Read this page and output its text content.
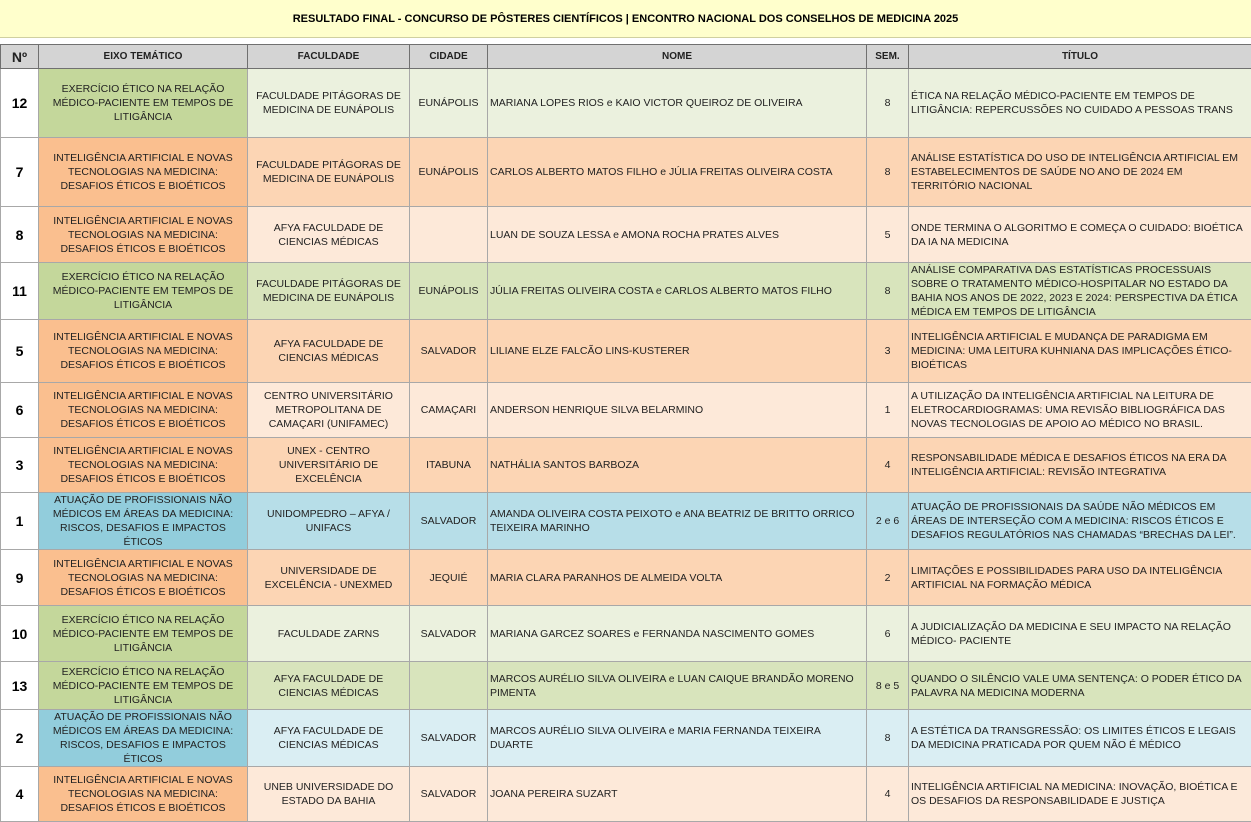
RESULTADO FINAL - CONCURSO DE PÔSTERES CIENTÍFICOS | ENCONTRO NACIONAL DOS CONSELHOS DE MEDICINA 2025
Nº	EIXO TEMÁTICO	FACULDADE	CIDADE	NOME	SEM.	TÍTULO
12	EXERCÍCIO ÉTICO NA RELAÇÃO MÉDICO-PACIENTE EM TEMPOS DE LITIGÂNCIA	FACULDADE PITÁGORAS DE MEDICINA DE EUNÁPOLIS	EUNÁPOLIS	MARIANA LOPES RIOS e KAIO VICTOR QUEIROZ DE OLIVEIRA	8	ÉTICA NA RELAÇÃO MÉDICO-PACIENTE EM TEMPOS DE LITIGÂNCIA: REPERCUSSÕES NO CUIDADO A PESSOAS TRANS
7	INTELIGÊNCIA ARTIFICIAL E NOVAS TECNOLOGIAS NA MEDICINA: DESAFIOS ÉTICOS E BIOÉTICOS	FACULDADE PITÁGORAS DE MEDICINA DE EUNÁPOLIS	EUNÁPOLIS	CARLOS ALBERTO MATOS FILHO e JÚLIA FREITAS OLIVEIRA COSTA	8	ANÁLISE ESTATÍSTICA DO USO DE INTELIGÊNCIA ARTIFICIAL EM ESTABELECIMENTOS DE SAÚDE NO ANO DE 2024 EM TERRITÓRIO NACIONAL
8	INTELIGÊNCIA ARTIFICIAL E NOVAS TECNOLOGIAS NA MEDICINA: DESAFIOS ÉTICOS E BIOÉTICOS	AFYA FACULDADE DE CIENCIAS MÉDICAS		LUAN DE SOUZA LESSA e AMONA ROCHA PRATES ALVES	5	ONDE TERMINA O ALGORITMO E COMEÇA O CUIDADO: BIOÉTICA DA IA NA MEDICINA
11	EXERCÍCIO ÉTICO NA RELAÇÃO MÉDICO-PACIENTE EM TEMPOS DE LITIGÂNCIA	FACULDADE PITÁGORAS DE MEDICINA DE EUNÁPOLIS	EUNÁPOLIS	JÚLIA FREITAS OLIVEIRA COSTA e CARLOS ALBERTO MATOS FILHO	8	ANÁLISE COMPARATIVA DAS ESTATÍSTICAS PROCESSUAIS SOBRE O TRATAMENTO MÉDICO-HOSPITALAR NO ESTADO DA BAHIA NOS ANOS DE 2022, 2023 E 2024: PERSPECTIVA DA ÉTICA MÉDICA EM TEMPOS DE LITIGÂNCIA
5	INTELIGÊNCIA ARTIFICIAL E NOVAS TECNOLOGIAS NA MEDICINA: DESAFIOS ÉTICOS E BIOÉTICOS	AFYA FACULDADE DE CIENCIAS MÉDICAS	SALVADOR	LILIANE ELZE FALCÃO LINS-KUSTERER	3	INTELIGÊNCIA ARTIFICIAL E MUDANÇA DE PARADIGMA EM MEDICINA: UMA LEITURA KUHNIANA DAS IMPLICAÇÕES ÉTICO-BIOÉTICAS
6	INTELIGÊNCIA ARTIFICIAL E NOVAS TECNOLOGIAS NA MEDICINA: DESAFIOS ÉTICOS E BIOÉTICOS	CENTRO UNIVERSITÁRIO METROPOLITANA DE CAMAÇARI (UNIFAMEC)	CAMAÇARI	ANDERSON HENRIQUE SILVA BELARMINO	1	A UTILIZAÇÃO DA INTELIGÊNCIA ARTIFICIAL NA LEITURA DE ELETROCARDIOGRAMAS: UMA REVISÃO BIBLIOGRÁFICA DAS NOVAS TECNOLOGIAS DE APOIO AO MÉDICO NO BRASIL.
3	INTELIGÊNCIA ARTIFICIAL E NOVAS TECNOLOGIAS NA MEDICINA: DESAFIOS ÉTICOS E BIOÉTICOS	UNEX - CENTRO UNIVERSITÁRIO DE EXCELÊNCIA	ITABUNA	NATHÁLIA SANTOS BARBOZA	4	RESPONSABILIDADE MÉDICA E DESAFIOS ÉTICOS NA ERA DA INTELIGÊNCIA ARTIFICIAL: REVISÃO INTEGRATIVA
1	ATUAÇÃO DE PROFISSIONAIS NÃO MÉDICOS EM ÁREAS DA MEDICINA: RISCOS, DESAFIOS E IMPACTOS ÉTICOS	UNIDOMPEDRO – AFYA / UNIFACS	SALVADOR	AMANDA OLIVEIRA COSTA PEIXOTO e ANA BEATRIZ DE BRITTO ORRICO TEIXEIRA MARINHO	2 e 6	ATUAÇÃO DE PROFISSIONAIS DA SAÚDE NÃO MÉDICOS EM ÁREAS DE INTERSEÇÃO COM A MEDICINA: RISCOS ÉTICOS E DESAFIOS REGULATÓRIOS NAS CHAMADAS “BRECHAS DA LEI”.
9	INTELIGÊNCIA ARTIFICIAL E NOVAS TECNOLOGIAS NA MEDICINA: DESAFIOS ÉTICOS E BIOÉTICOS	UNIVERSIDADE DE EXCELÊNCIA - UNEXMED	JEQUIÉ	MARIA CLARA PARANHOS DE ALMEIDA VOLTA	2	LIMITAÇÕES E POSSIBILIDADES PARA USO DA INTELIGÊNCIA ARTIFICIAL NA FORMAÇÃO MÉDICA
10	EXERCÍCIO ÉTICO NA RELAÇÃO MÉDICO-PACIENTE EM TEMPOS DE LITIGÂNCIA	FACULDADE ZARNS	SALVADOR	MARIANA GARCEZ SOARES e FERNANDA NASCIMENTO GOMES	6	A JUDICIALIZAÇÃO DA MEDICINA E SEU IMPACTO NA RELAÇÃO MÉDICO- PACIENTE
13	EXERCÍCIO ÉTICO NA RELAÇÃO MÉDICO-PACIENTE EM TEMPOS DE LITIGÂNCIA	AFYA FACULDADE DE CIENCIAS MÉDICAS		MARCOS AURÉLIO SILVA OLIVEIRA e LUAN CAIQUE BRANDÃO MORENO PIMENTA	8 e 5	QUANDO O SILÊNCIO VALE UMA SENTENÇA: O PODER ÉTICO DA PALAVRA NA MEDICINA MODERNA
2	ATUAÇÃO DE PROFISSIONAIS NÃO MÉDICOS EM ÁREAS DA MEDICINA: RISCOS, DESAFIOS E IMPACTOS ÉTICOS	AFYA FACULDADE DE CIENCIAS MÉDICAS	SALVADOR	MARCOS AURÉLIO SILVA OLIVEIRA e MARIA FERNANDA TEIXEIRA DUARTE	8	A ESTÉTICA DA TRANSGRESSÃO: OS LIMITES ÉTICOS E LEGAIS DA MEDICINA PRATICADA POR QUEM NÃO É MÉDICO
4	INTELIGÊNCIA ARTIFICIAL E NOVAS TECNOLOGIAS NA MEDICINA: DESAFIOS ÉTICOS E BIOÉTICOS	UNEB UNIVERSIDADE DO ESTADO DA BAHIA	SALVADOR	JOANA PEREIRA SUZART	4	INTELIGÊNCIA ARTIFICIAL NA MEDICINA: INOVAÇÃO, BIOÉTICA E OS DESAFIOS DA RESPONSABILIDADE E JUSTIÇA
